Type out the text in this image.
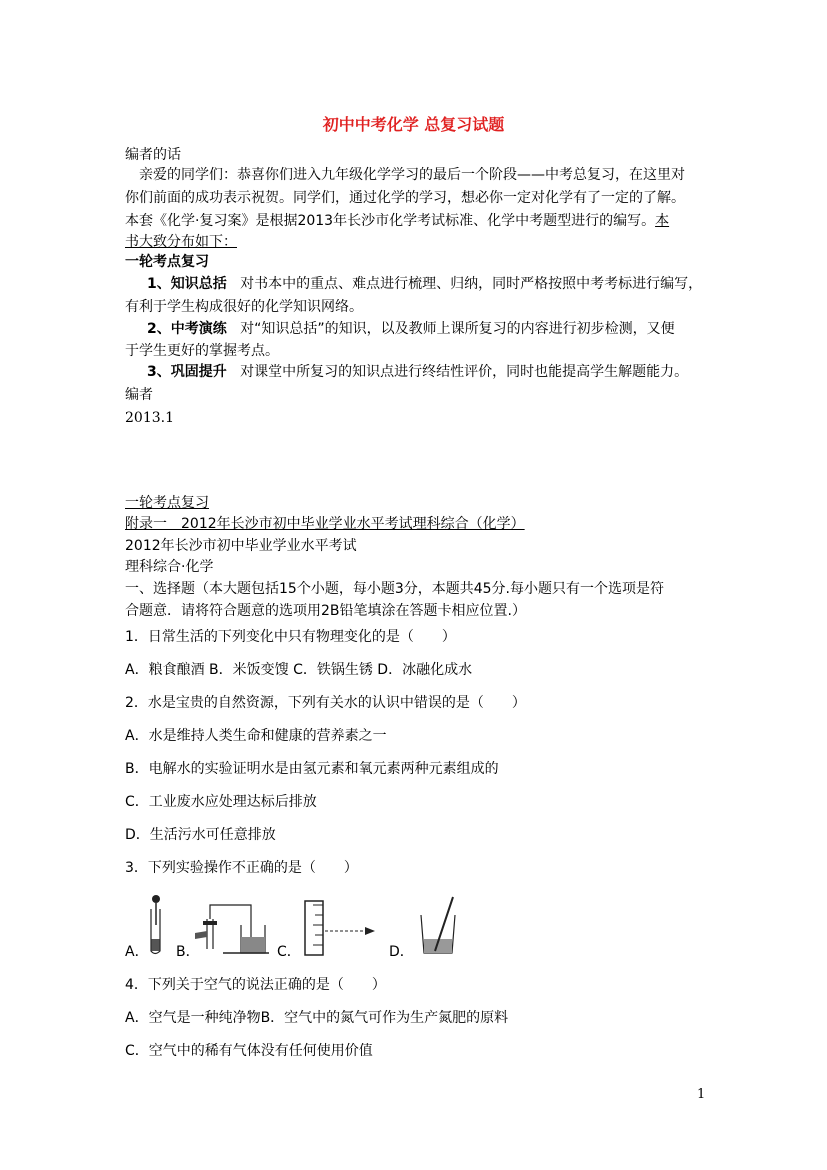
初中中考化学 总复习试题
编者的话
亲爱的同学们：恭喜你们进入九年级化学学习的最后一个阶段——中考总复习，在这里对
你们前面的成功表示祝贺。同学们，通过化学的学习，想必你一定对化学有了一定的了解。
本套《化学·复习案》是根据2013年长沙市化学考试标准、化学中考题型进行的编写。本
书大致分布如下：
一轮考点复习
1、知识总括 对书本中的重点、难点进行梳理、归纳，同时严格按照中考考标进行编写，
有利于学生构成很好的化学知识网络。
2、中考演练 对“知识总括”的知识，以及教师上课所复习的内容进行初步检测，又便
于学生更好的掌握考点。
3、巩固提升 对课堂中所复习的知识点进行终结性评价，同时也能提高学生解题能力。
编者
2013.1
一轮考点复习
附录一　2012年长沙市初中毕业学业水平考试理科综合（化学）
2012年长沙市初中毕业学业水平考试
理科综合·化学
一、选择题（本大题包括15个小题，每小题3分，本题共45分.每小题只有一个选项是符
合题意．请将符合题意的选项用2B铅笔填涂在答题卡相应位置.）
1．日常生活的下列变化中只有物理变化的是（　　）
A．粮食酿酒 B．米饭变馊 C．铁锅生锈 D．冰融化成水
2．水是宝贵的自然资源，下列有关水的认识中错误的是（　　）
A．水是维持人类生命和健康的营养素之一
B．电解水的实验证明水是由氢元素和氧元素两种元素组成的
C．工业废水应处理达标后排放
D．生活污水可任意排放
3．下列实验操作不正确的是（　　）
A． B．	C．	D．
4．下列关于空气的说法正确的是（　　）
A．空气是一种纯净物B．空气中的氮气可作为生产氮肥的原料
C．空气中的稀有气体没有任何使用价值
1
